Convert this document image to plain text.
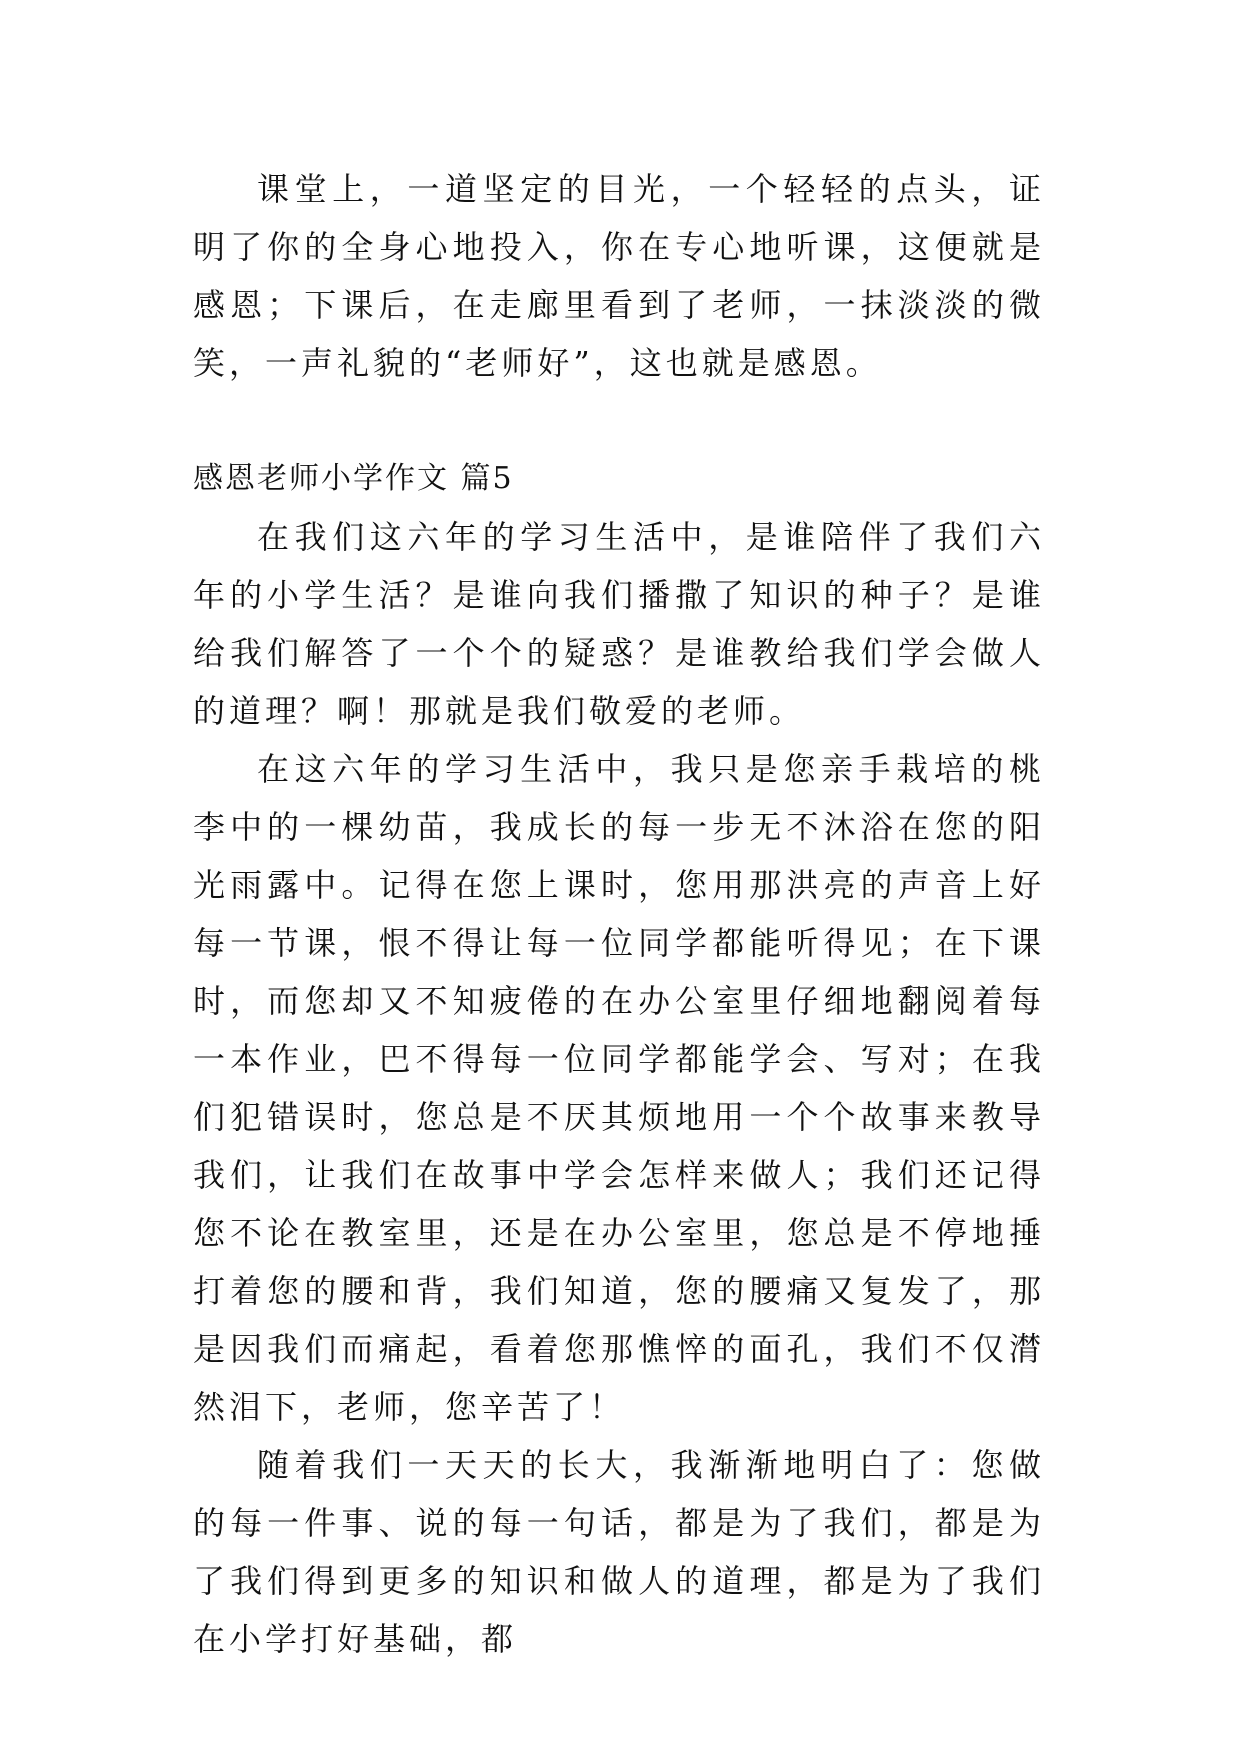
课堂上，一道坚定的目光，一个轻轻的点头，证明了你的全身心地投入，你在专心地听课，这便就是感恩；下课后，在走廊里看到了老师，一抹淡淡的微笑，一声礼貌的“老师好”，这也就是感恩。

感恩老师小学作文 篇5

在我们这六年的学习生活中，是谁陪伴了我们六年的小学生活？是谁向我们播撒了知识的种子？是谁给我们解答了一个个的疑惑？是谁教给我们学会做人的道理？啊！那就是我们敬爱的老师。

在这六年的学习生活中，我只是您亲手栽培的桃李中的一棵幼苗，我成长的每一步无不沐浴在您的阳光雨露中。记得在您上课时，您用那洪亮的声音上好每一节课，恨不得让每一位同学都能听得见；在下课时，而您却又不知疲倦的在办公室里仔细地翻阅着每一本作业，巴不得每一位同学都能学会、写对；在我们犯错误时，您总是不厌其烦地用一个个故事来教导我们，让我们在故事中学会怎样来做人；我们还记得您不论在教室里，还是在办公室里，您总是不停地捶打着您的腰和背，我们知道，您的腰痛又复发了，那是因我们而痛起，看着您那憔悴的面孔，我们不仅潸然泪下，老师，您辛苦了！

随着我们一天天的长大，我渐渐地明白了：您做的每一件事、说的每一句话，都是为了我们，都是为了我们得到更多的知识和做人的道理，都是为了我们在小学打好基础，都
